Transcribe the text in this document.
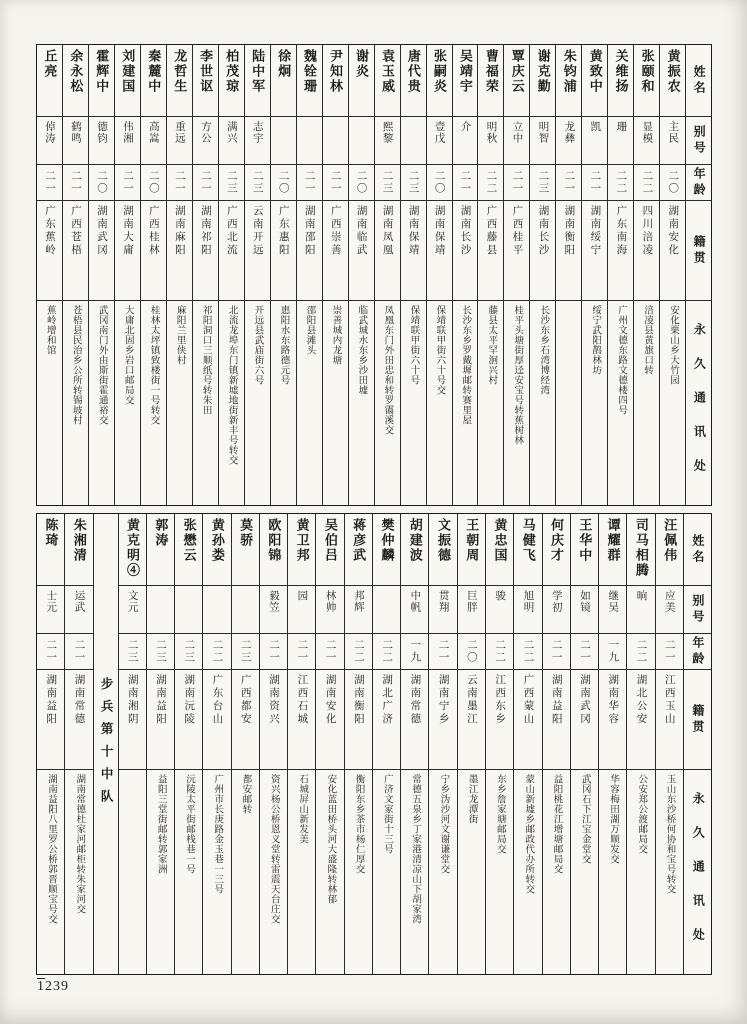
丘亮
倬涛
二一
广东蕉岭
蕉岭增和馆
余永松
鹤鸣
二一
广西苍梧
苍梧县民治乡公所转锡坡村
霍辉中
德钧
二〇
湖南武冈
武冈南门外由斯街霍通裕交
刘建国
伟湘
二一
湖南大庸
大庸北固乡岩口邮局交
秦麓中
高嵩
二〇
广西桂林
桂林太坪镇致楼街一号转交
龙哲生
重远
二一
湖南麻阳
麻阳兰里侠村
李世讴
方公
二一
湖南祁阳
祁阳洞口三顺纸号转朱田
柏茂琼
满兴
二三
广西北流
北流龙埠东门镇新墟地街新丰号转交
陆中军
志宇
二三
云南开远
开远县武庙街六号
徐炯
二〇
广东惠阳
惠阳水东路德元号
魏铨珊
二一
湖南邵阳
邵阳县滩头
尹知林
二一
广西崇善
崇善城内龙塘
谢炎
二〇
湖南临武
临武城水东乡沙田墟
袁玉威
熙黎
二三
湖南凤凰
凤凰东门外田忠和转罗霭溪交
唐代贵
二三
湖南保靖
保靖联甲街六十号
张嗣炎
壹戊
二〇
湖南保靖
保靖联甲街六十号交
吴靖宇
介
二一
湖南长沙
长沙东乡罗戴墀邮转赛里屋
曹福荣
明秋
二二
广西藤县
藤县太平罕洄兴村
覃庆云
立中
二一
广西桂平
桂平头塘街厚迳安宝号转蕉树林
谢克勤
明智
二三
湖南长沙
长沙东乡石湾博经湾
朱钧浦
龙彝
二一
湖南衡阳
黄致中
凯
二一
湖南绥宁
绥宁武阳鹊林坊
关维扬
珊
二二
广东南海
广州文德东路文德楼四号
张颐和
显模
二二
四川涪凌
涪凌县黄旗口转
黄振农
主民
二〇
湖南安化
安化栗山乡大竹园
姓名
别号
年龄
籍贯
永久通讯处
陈琦
士元
二一
湖南益阳
湖南益阳八里罗公桥郭晋顺宝号交
朱湘清
运武
二一
湖南常德
湖南常德杜家河邮柜转朱家河交
步兵第十中队
黄克明④
文元
二三
湖南湘阴
郭涛
二三
湖南益阳
益阳三堂街邮转郭家洲
张懋云
二三
湖南沅陵
沅陵太平街邮栈巷一号
黄孙娄
二二
广东台山
广州市长庚路金玉巷一三号
莫骄
二三
广西都安
都安邮转
欧阳锦
毅笠
二一
湖南资兴
资兴杨公桥恩义堂转雷震天台庄交
黄卫邦
园
二一
江西石城
石城屏山新发美
吴伯吕
林帅
二一
湖南安化
安化蓝田桥头河大盛隆转林郁
蒋彦武
邦辉
二二
湖南衡阳
衡阳东乡茶市杨仁厚交
樊仲麟
二二
湖北广济
广济文家街十三号
胡建波
中帆
一九
湖南常德
常德五泉乡丁家港清凉山下胡家湾
文振德
贯翔
二一
湖南宁乡
宁乡沩沙河文谢谦堂交
王朝周
巨胖
二〇
云南墨江
墨江龙潭街
黄忠国
骏
二二
江西东乡
东乡詹家塘邮局交
马健飞
旭明
二二
广西蒙山
蒙山新墟乡邮政代办所转交
何庆才
学初
二一
湖南益阳
益阳桃花江增塘邮局交
王华中
如镜
二一
湖南武冈
武冈石下江宝金堂交
谭耀群
继吴
一九
湖南华容
华容梅田湖万顺发交
司马相腾
晌
二二
湖北公安
公安郑公渡邮局交
汪佩伟
应美
二一
江西玉山
玉山东沙桥何协和宝号转交
姓名
别号
年龄
籍贯
永久通讯处
1239
